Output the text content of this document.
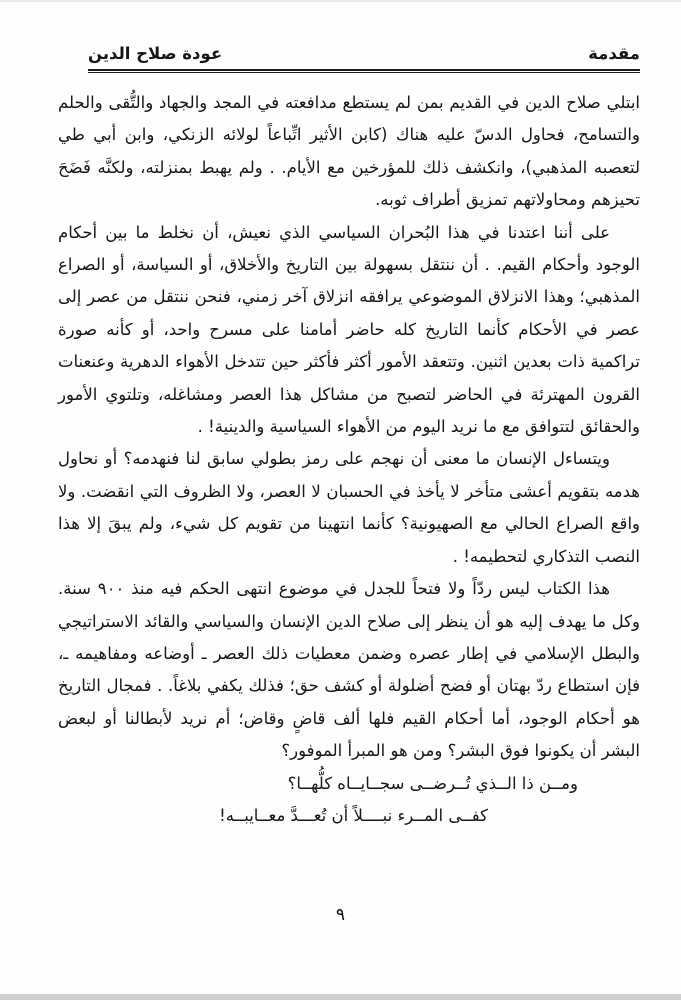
مقدمة
عودة صلاح الدين

ابتلي صلاح الدين في القديم بمن لم يستطع مدافعته في المجد والجهاد والتُّقى والحلم والتسامح، فحاول الدسّ عليه هناك (كابن الأثير اتِّباعاً لولائه الزنكي، وابن أبي طي لتعصبه المذهبي)، وانكشف ذلك للمؤرخين مع الأيام. . ولم يهبط بمنزلته، ولكنَّه فَضَحَ تحيزهم ومحاولاتهم تمزيق أطراف ثوبه.

على أننا اعتدنا في هذا البُحران السياسي الذي نعيش، أن نخلط ما بين أحكام الوجود وأحكام القيم. . أن ننتقل بسهولة بين التاريخ والأخلاق، أو السياسة، أو الصراع المذهبي؛ وهذا الانزلاق الموضوعي يرافقه انزلاق آخر زمني، فنحن ننتقل من عصر إلى عصر في الأحكام كأنما التاريخ كله حاضر أمامنا على مسرح واحد، أو كأنه صورة تراكمية ذات بعدين اثنين. وتتعقد الأمور أكثر فأكثر حين تتدخل الأهواء الدهرية وعنعنات القرون المهترئة في الحاضر لتصبح من مشاكل هذا العصر ومشاغله، وتلتوي الأمور والحقائق لتتوافق مع ما نريد اليوم من الأهواء السياسية والدينية! .

ويتساءل الإنسان ما معنى أن نهجم على رمز بطولي سابق لنا فنهدمه؟ أو نحاول هدمه بتقويم أعشى متأخر لا يأخذ في الحسبان لا العصر، ولا الظروف التي انقضت. ولا واقع الصراع الحالي مع الصهيونية؟ كأنما انتهينا من تقويم كل شيء، ولم يبقَ إلا هذا النصب التذكاري لتحطيمه! .

هذا الكتاب ليس ردّاً ولا فتحاً للجدل في موضوع انتهى الحكم فيه منذ ٩٠٠ سنة. وكل ما يهدف إليه هو أن ينظر إلى صلاح الدين الإنسان والسياسي والقائد الاستراتيجي والبطل الإسلامي في إطار عصره وضمن معطيات ذلك العصر ـ أوضاعه ومفاهيمه ـ، فإن استطاع ردّ بهتان أو فضح أضلولة أو كشف حق؛ فذلك يكفي بلاغاً. . فمجال التاريخ هو أحكام الوجود، أما أحكام القيم فلها ألف قاضٍ وقاض؛ أم نريد لأبطالنا أو لبعض البشر أن يكونوا فوق البشر؟ ومن هو المبرأ الموفور؟

ومــن ذا الــذي تُــرضــى سجــايــاه كلُّهــا؟
كفــى المــرء نبــــلاً أن تُعـــدَّ معــايبــه!
٩
